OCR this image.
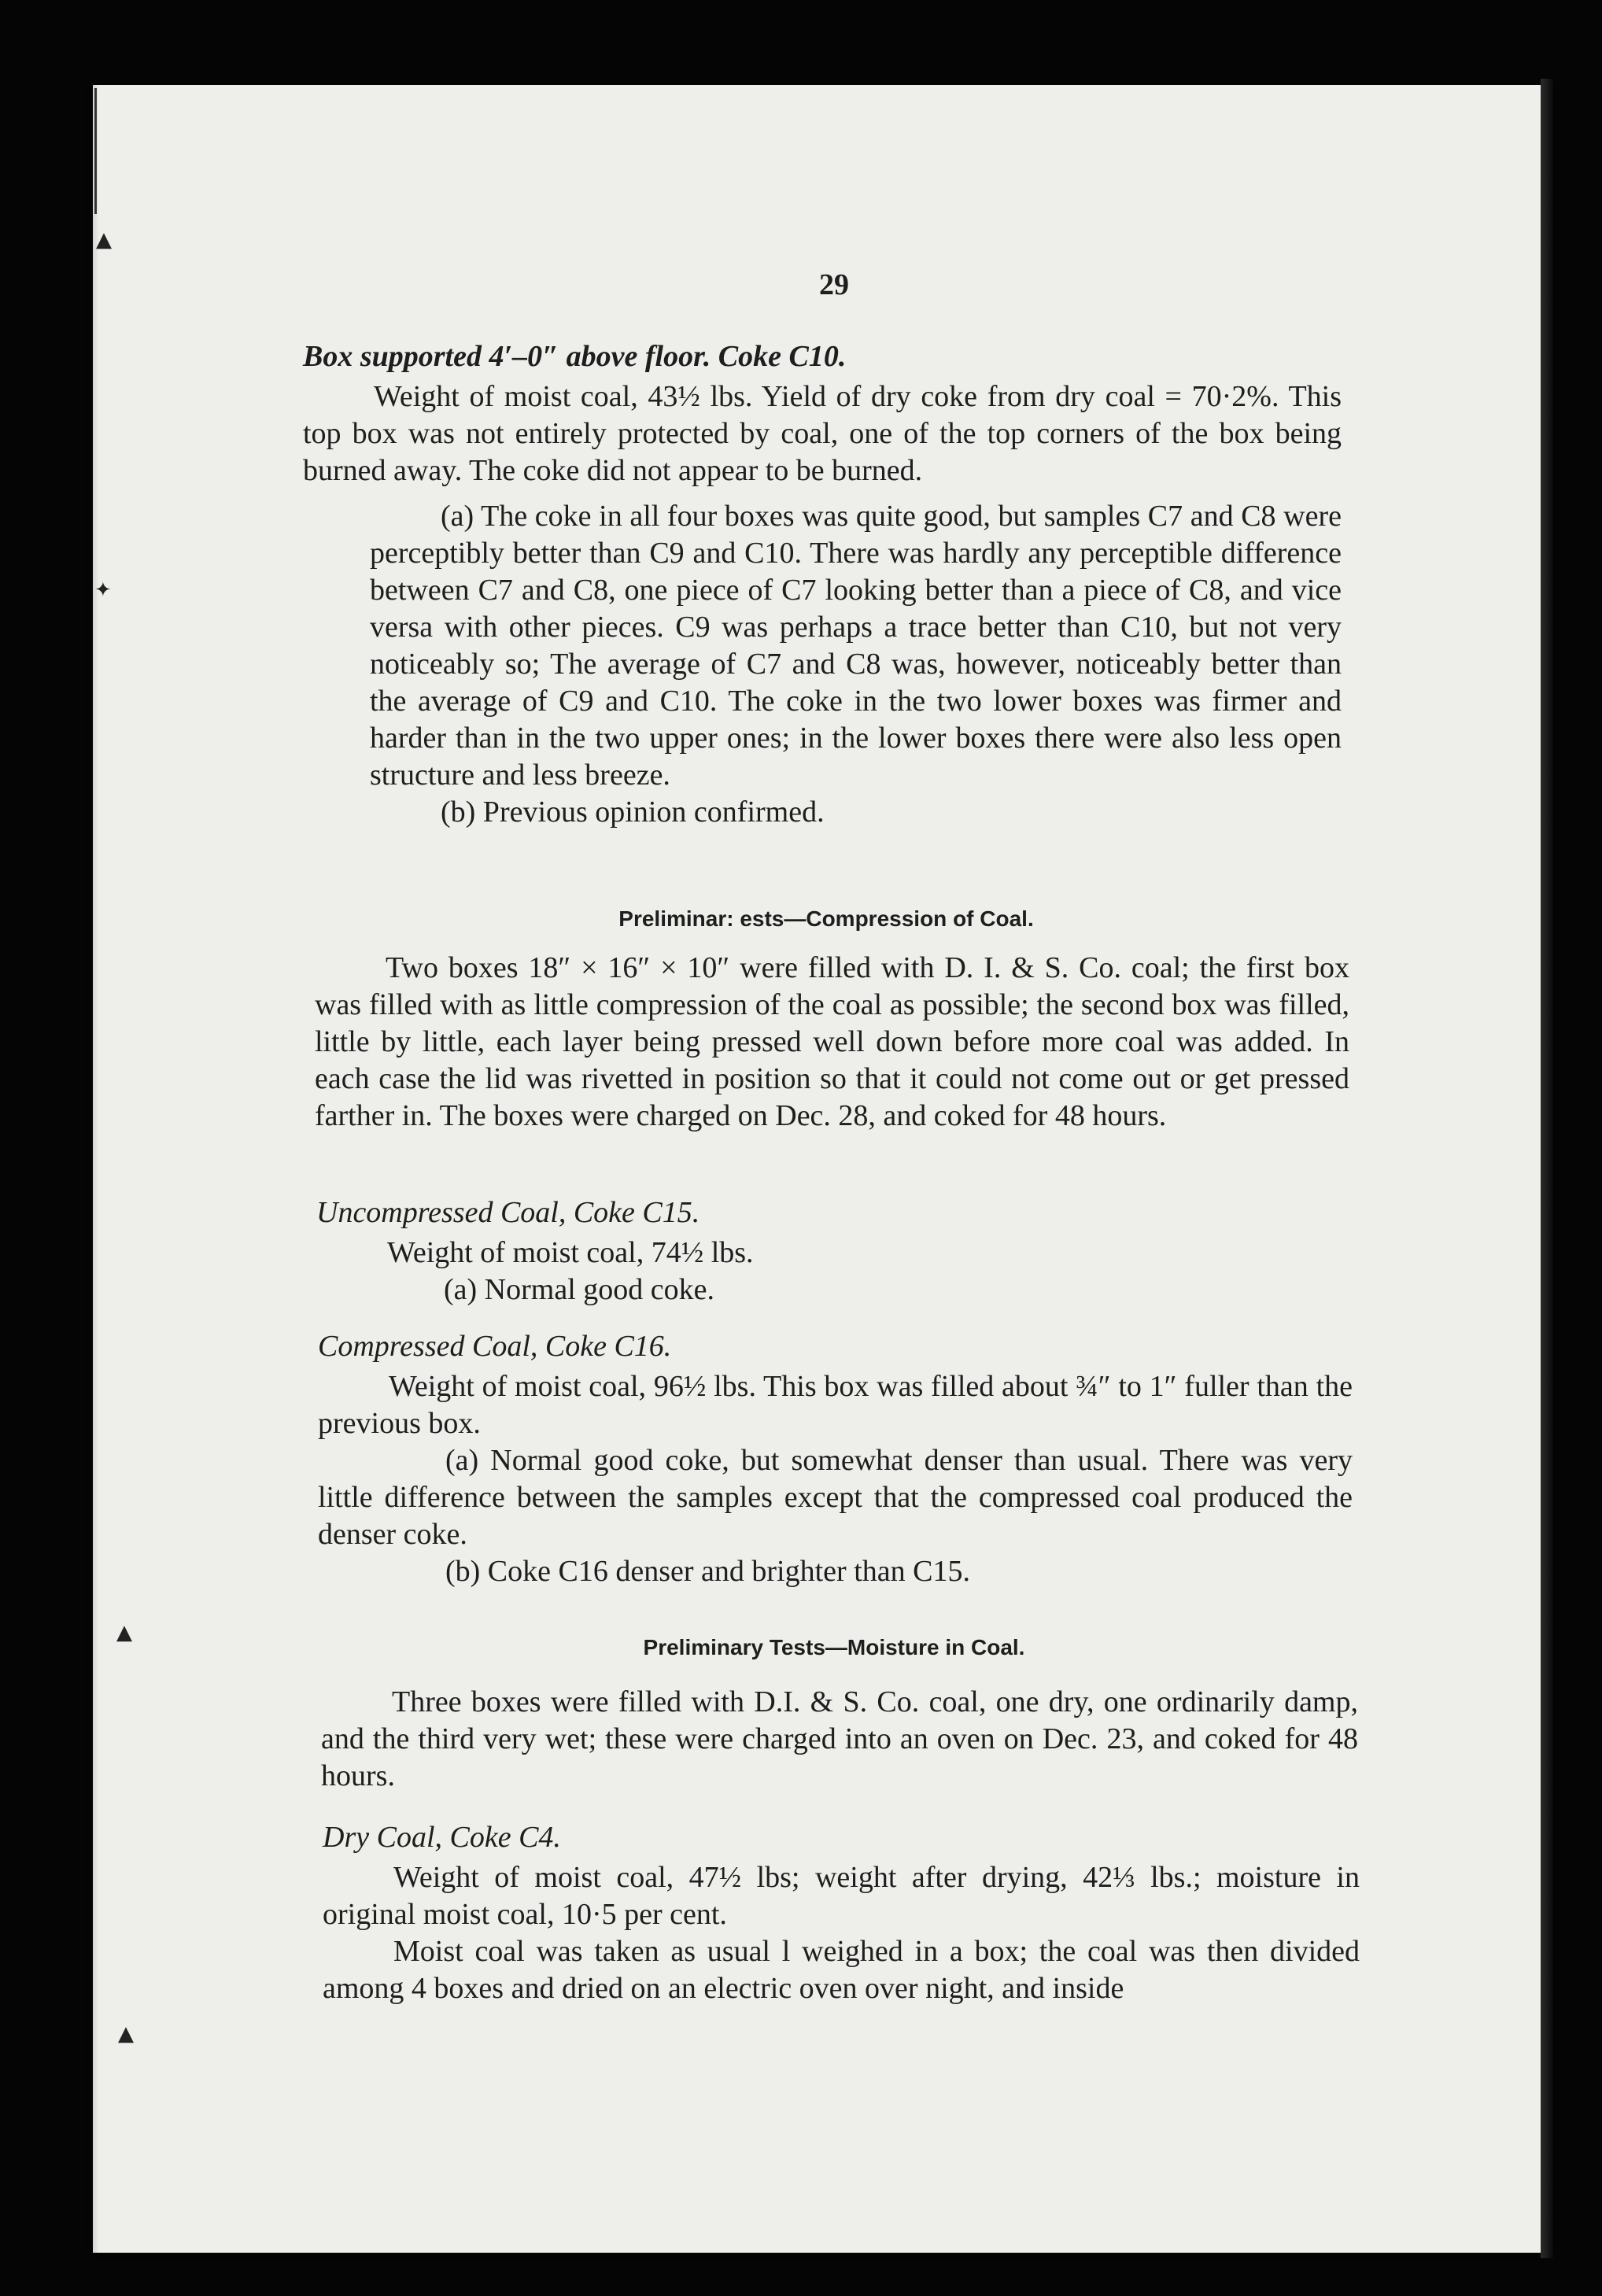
▲
✦
▲
▲
29

Box supported 4′–0″ above floor. Coke C10.

Weight of moist coal, 43½ lbs. Yield of dry coke from dry coal = 70·2%. This top box was not entirely protected by coal, one of the top corners of the box being burned away. The coke did not appear to be burned.

(a) The coke in all four boxes was quite good, but samples C7 and C8 were perceptibly better than C9 and C10. There was hardly any perceptible difference between C7 and C8, one piece of C7 looking better than a piece of C8, and vice versa with other pieces. C9 was perhaps a trace better than C10, but not very noticeably so; The average of C7 and C8 was, however, noticeably better than the average of C9 and C10. The coke in the two lower boxes was firmer and harder than in the two upper ones; in the lower boxes there were also less open structure and less breeze.

(b) Previous opinion confirmed.

Preliminar: ests—Compression of Coal.

Two boxes 18″ × 16″ × 10″ were filled with D. I. & S. Co. coal; the first box was filled with as little compression of the coal as possible; the second box was filled, little by little, each layer being pressed well down before more coal was added. In each case the lid was rivetted in position so that it could not come out or get pressed farther in. The boxes were charged on Dec. 28, and coked for 48 hours.

Uncompressed Coal, Coke C15.

Weight of moist coal, 74½ lbs.

(a) Normal good coke.

Compressed Coal, Coke C16.

Weight of moist coal, 96½ lbs. This box was filled about ¾″ to 1″ fuller than the previous box.

(a) Normal good coke, but somewhat denser than usual. There was very little difference between the samples except that the compressed coal produced the denser coke.

(b) Coke C16 denser and brighter than C15.

Preliminary Tests—Moisture in Coal.

Three boxes were filled with D.I. & S. Co. coal, one dry, one ordinarily damp, and the third very wet; these were charged into an oven on Dec. 23, and coked for 48 hours.

Dry Coal, Coke C4.

Weight of moist coal, 47½ lbs; weight after drying, 42⅓ lbs.; moisture in original moist coal, 10·5 per cent.

Moist coal was taken as usual l weighed in a box; the coal was then divided among 4 boxes and dried on an electric oven over night, and inside
